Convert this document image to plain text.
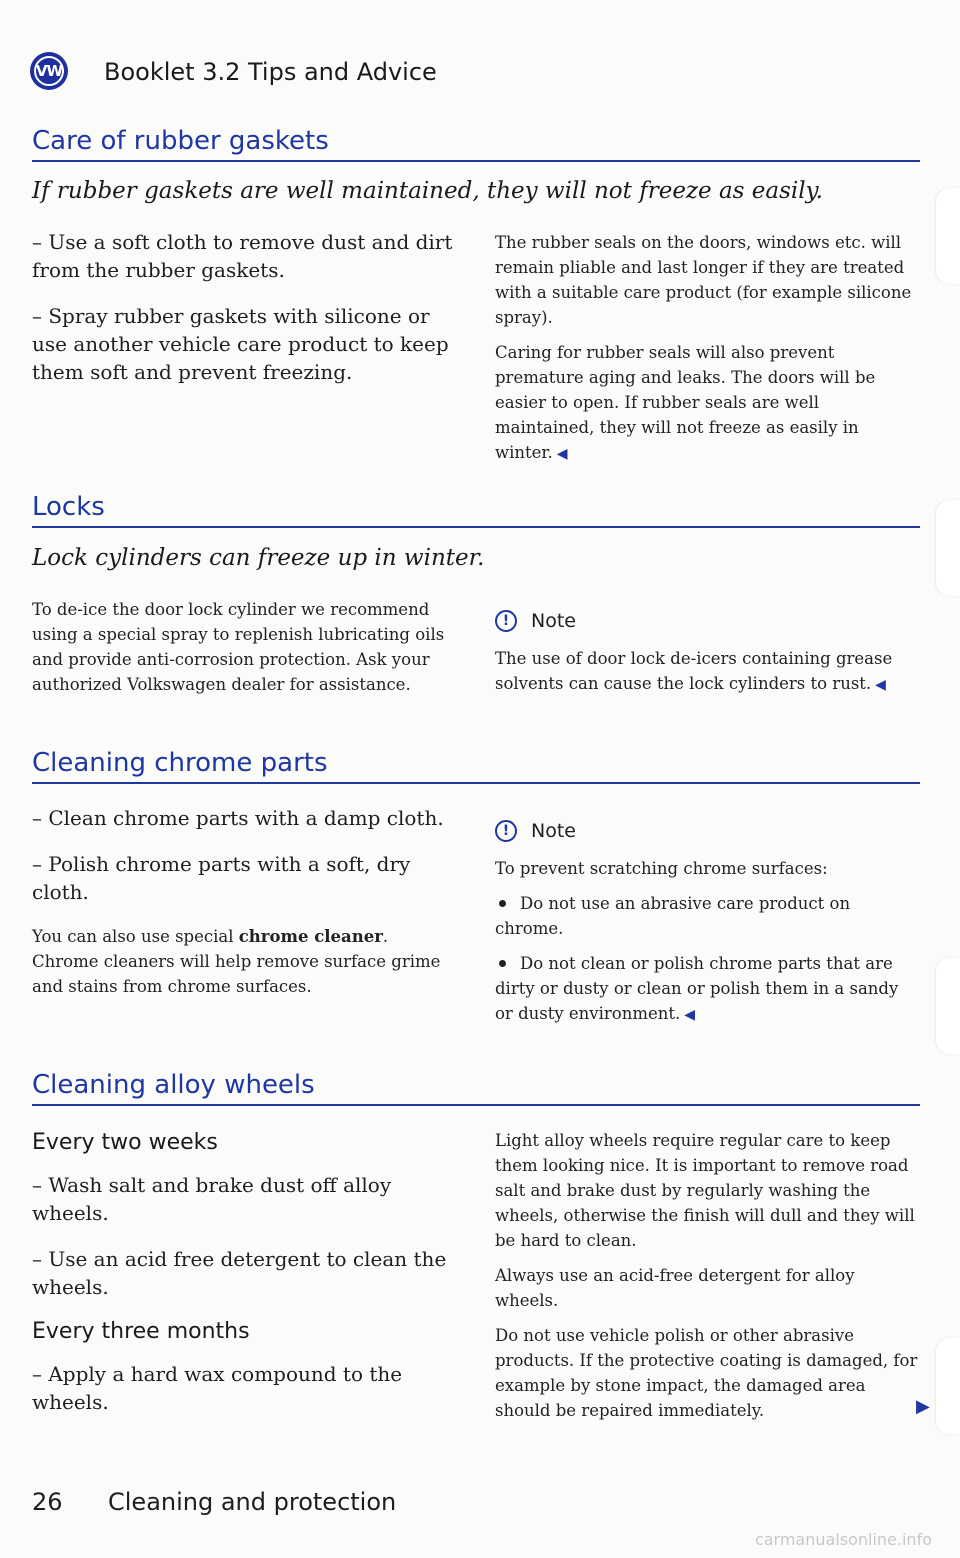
VW Booklet 3.2 Tips and Advice
Care of rubber gaskets
If rubber gaskets are well maintained, they will not freeze as easily.

– Use a soft cloth to remove dust and dirt from the rubber gaskets.

– Spray rubber gaskets with silicone or use another vehicle care product to keep them soft and prevent freezing.

The rubber seals on the doors, windows etc. will remain pliable and last longer if they are treated with a suitable care product (for example silicone spray).

Caring for rubber seals will also prevent premature aging and leaks. The doors will be easier to open. If rubber seals are well maintained, they will not freeze as easily in winter. ◀

Locks
Lock cylinders can freeze up in winter.

To de-ice the door lock cylinder we recommend using a special spray to replenish lubricating oils and provide anti-corrosion protection. Ask your authorized Volkswagen dealer for assistance.

!	Note

The use of door lock de-icers containing grease solvents can cause the lock cylinders to rust. ◀

Cleaning chrome parts

– Clean chrome parts with a damp cloth.

– Polish chrome parts with a soft, dry cloth.

You can also use special chrome cleaner. Chrome cleaners will help remove surface grime and stains from chrome surfaces.

!	Note

To prevent scratching chrome surfaces:

Do not use an abrasive care product on chrome.

Do not clean or polish chrome parts that are dirty or dusty or clean or polish them in a sandy or dusty environment. ◀

Cleaning alloy wheels
Every two weeks

– Wash salt and brake dust off alloy wheels.

– Use an acid free detergent to clean the wheels.

Every three months

– Apply a hard wax compound to the wheels.

Light alloy wheels require regular care to keep them looking nice. It is important to remove road salt and brake dust by regularly washing the wheels, otherwise the finish will dull and they will be hard to clean.

Always use an acid-free detergent for alloy wheels.

Do not use vehicle polish or other abrasive products. If the protective coating is damaged, for example by stone impact, the damaged area should be repaired immediately.	▶
26 Cleaning and protection
carmanualsonline.info
